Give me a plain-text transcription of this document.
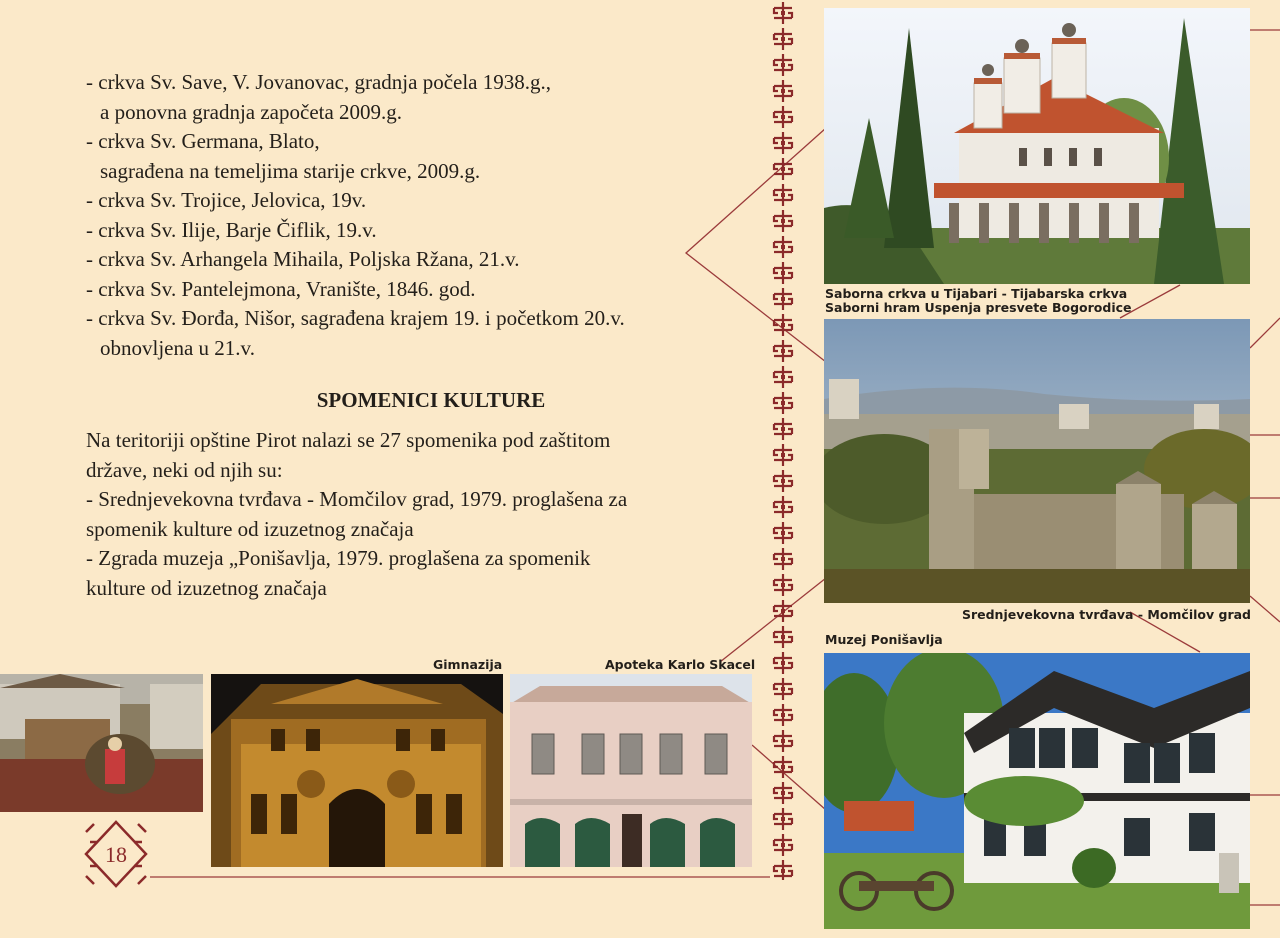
- crkva Sv. Save, V. Jovanovac, gradnja počela 1938.g.,
a ponovna gradnja započeta 2009.g.
- crkva Sv. Germana, Blato,
sagrađena na temeljima starije crkve, 2009.g.
- crkva Sv. Trojice, Jelovica, 19v.
- crkva Sv. Ilije, Barje Čiflik, 19.v.
- crkva Sv. Arhangela Mihaila, Poljska Ržana, 21.v.
- crkva Sv. Pantelejmona, Vranište, 1846. god.
- crkva Sv. Đorđa, Nišor, sagrađena krajem 19. i početkom 20.v.
obnovljena u 21.v.
SPOMENICI KULTURE
Na teritoriji opštine Pirot nalazi se 27 spomenika pod zaštitom
države, neki od njih su:
- Srednjevekovna tvrđava - Momčilov grad, 1979. proglašena za
spomenik kulture od izuzetnog značaja
- Zgrada muzeja „Ponišavlja, 1979. proglašena za spomenik
kulture od izuzetnog značaja
Saborna crkva u Tijabari - Tijabarska crkva
Saborni hram Uspenja presvete Bogorodice
Srednjevekovna tvrđava - Momčilov grad
Muzej Ponišavlja
Gimnazija	Apoteka Karlo Skacel
18
